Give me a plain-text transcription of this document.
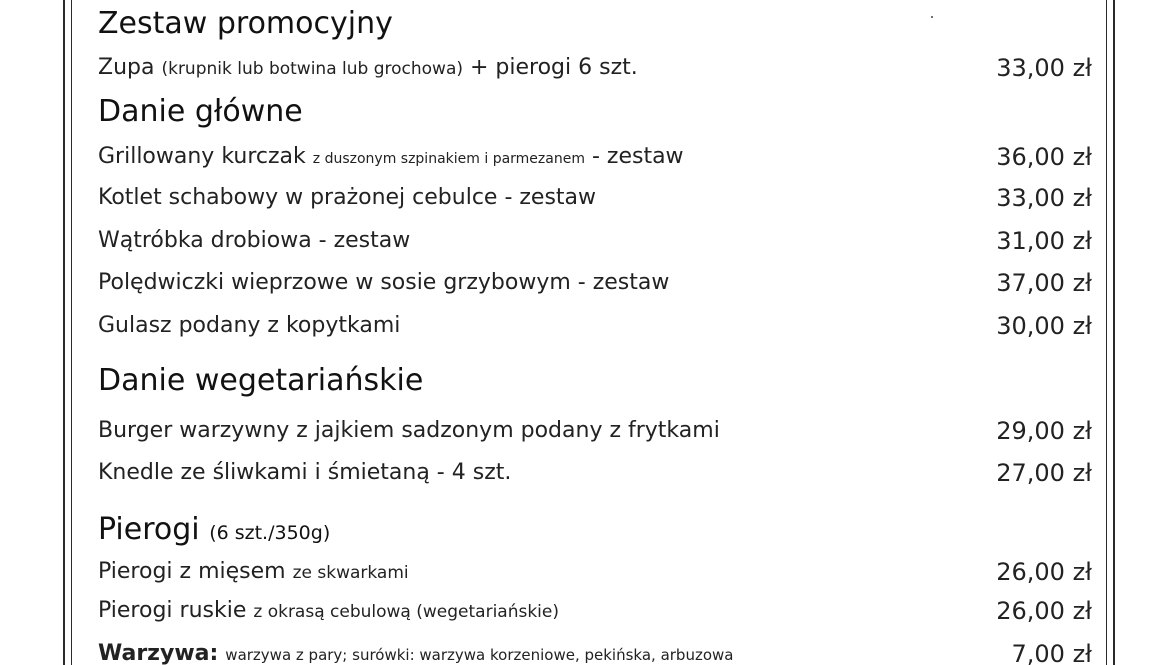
Zestaw promocyjny
Zupa (krupnik lub botwina lub grochowa) + pierogi 6 szt.	33,00 zł
Danie główne
Grillowany kurczak z duszonym szpinakiem i parmezanem - zestaw	36,00 zł
Kotlet schabowy w prażonej cebulce - zestaw	33,00 zł
Wątróbka drobiowa - zestaw	31,00 zł
Polędwiczki wieprzowe w sosie grzybowym - zestaw	37,00 zł
Gulasz podany z kopytkami	30,00 zł
Danie wegetariańskie
Burger warzywny z jajkiem sadzonym podany z frytkami	29,00 zł
Knedle ze śliwkami i śmietaną - 4 szt.	27,00 zł
Pierogi (6 szt./350g)
Pierogi z mięsem ze skwarkami	26,00 zł
Pierogi ruskie z okrasą cebulową (wegetariańskie)	26,00 zł
Warzywa: warzywa z pary; surówki: warzywa korzeniowe, pekińska, arbuzowa	7,00 zł
